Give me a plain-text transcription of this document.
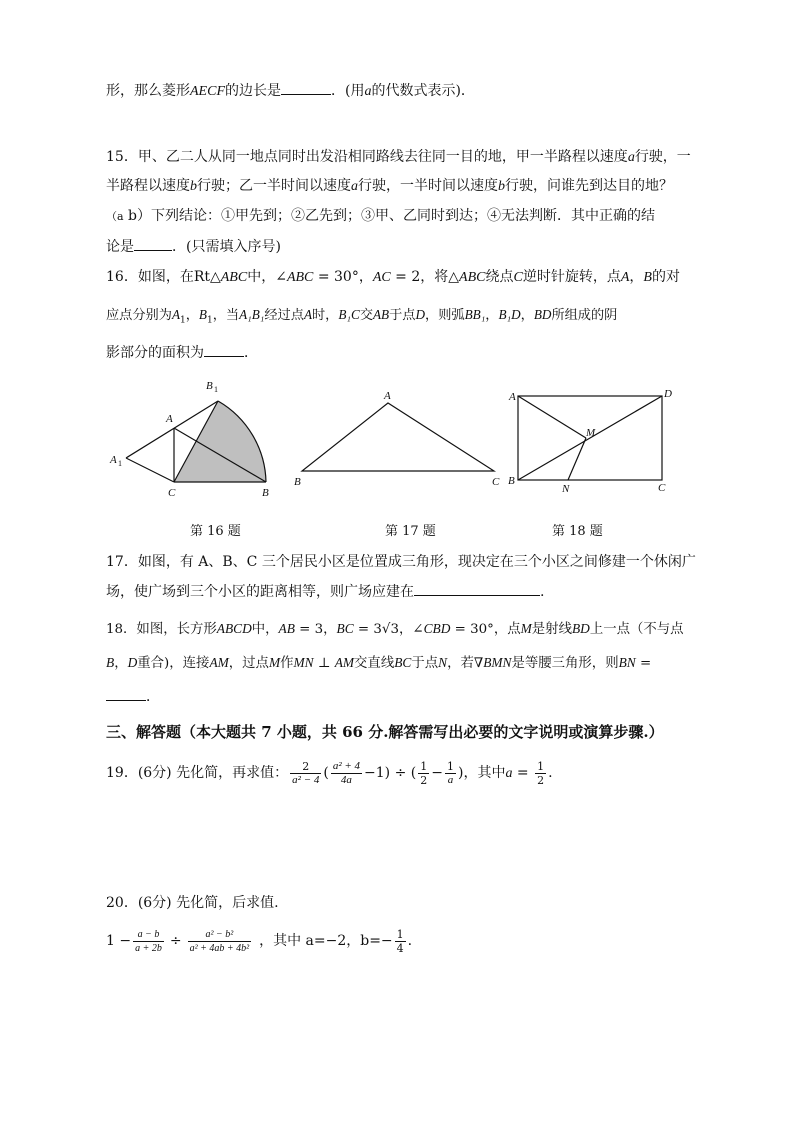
形，那么菱形AECF的边长是	．(用a的代数式表示)．
15．甲、乙二人从同一地点同时出发沿相同路线去往同一目的地，甲一半路程以速度a行驶，一
半路程以速度b行驶；乙一半时间以速度a行驶，一半时间以速度b行驶，问谁先到达目的地？
（a b）下列结论：①甲先到；②乙先到；③甲、乙同时到达；④无法判断．其中正确的结
论是	．(只需填入序号)
16．如图，在Rt△ABC中，∠ABC = 30°，AC = 2，将△ABC绕点C逆时针旋转，点A，B的对
应点分别为$A_1$，$B_1$，当A₁B₁经过点A时，B₁C交AB于点D，则弧BB₁，B₁D，BD所组成的阴
影部分的面积为	．
B 1
A
A 1
C	B
A
B	C
A	D
M
B
N	C
第 16 题	第 17 题	第 18 题
17．如图，有 A、B、C 三个居民小区是位置成三角形，现决定在三个小区之间修建一个休闲广
场，使广场到三个小区的距离相等，则广场应建在	.
18．如图，长方形ABCD中，AB = 3，BC = 3√3，∠CBD = 30°，点M是射线BD上一点（不与点
B，D重合)，连接AM，过点M作MN ⊥ AM交直线BC于点N，若∇BMN是等腰三角形，则BN =
．
三、解答题（本大题共 7 小题，共 66 分.解答需写出必要的文字说明或演算步骤.）
19．(6分) 先化简，再求值： $\frac{2}{\text{a² − 4}}$ ( $\frac{\text{a² + 4}}{4a} -1$) ÷ ( $\frac{1}{2} - \frac{1}{a}$ )，其中$a = \frac{1}{2}$ .
20．(6分) 先化简，后求值.
$1 - \frac{a - b}{a + 2b} \div \frac{\text{a² − b²}}{\text{a² + 4ab + 4b²}}$ ，其中 a=−2，$b=- \frac{1}{4}$ .
